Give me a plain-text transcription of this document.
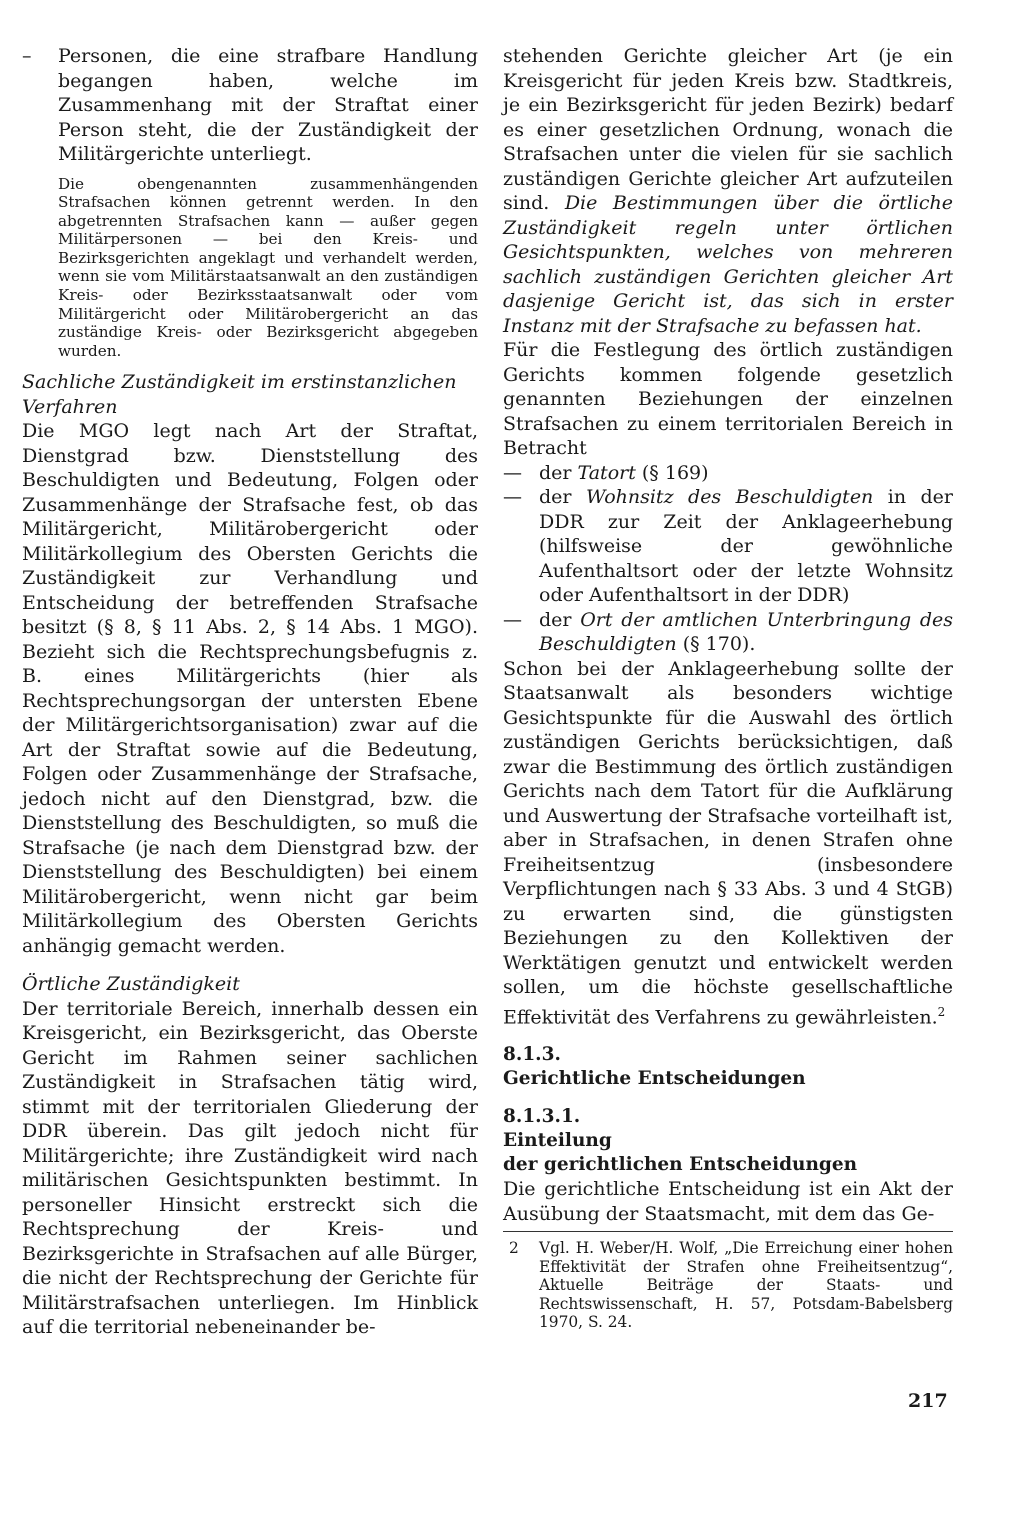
– Personen, die eine strafbare Handlung begangen haben, welche im Zusammenhang mit der Straftat einer Person steht, die der Zuständigkeit der Militärgerichte unterliegt.

Die obengenannten zusammenhängenden Strafsachen können getrennt werden. In den abgetrennten Strafsachen kann — außer gegen Militärpersonen — bei den Kreis- und Bezirksgerichten angeklagt und verhandelt werden, wenn sie vom Militärstaatsanwalt an den zuständigen Kreis- oder Bezirksstaatsanwalt oder vom Militärgericht oder Militärobergericht an das zuständige Kreis- oder Bezirksgericht abgegeben wurden.

Sachliche Zuständigkeit im erstinstanzlichen Verfahren

Die MGO legt nach Art der Straftat, Dienstgrad bzw. Dienststellung des Beschuldigten und Bedeutung, Folgen oder Zusammenhänge der Strafsache fest, ob das Militärgericht, Militärobergericht oder Militärkollegium des Obersten Gerichts die Zuständigkeit zur Verhandlung und Entscheidung der betreffenden Strafsache besitzt (§ 8, § 11 Abs. 2, § 14 Abs. 1 MGO). Bezieht sich die Rechtsprechungsbefugnis z. B. eines Militärgerichts (hier als Rechtsprechungsorgan der untersten Ebene der Militärgerichtsorganisation) zwar auf die Art der Straftat sowie auf die Bedeutung, Folgen oder Zusammenhänge der Strafsache, jedoch nicht auf den Dienstgrad, bzw. die Dienststellung des Beschuldigten, so muß die Strafsache (je nach dem Dienstgrad bzw. der Dienststellung des Beschuldigten) bei einem Militärobergericht, wenn nicht gar beim Militärkollegium des Obersten Gerichts anhängig gemacht werden.

Örtliche Zuständigkeit

Der territoriale Bereich, innerhalb dessen ein Kreisgericht, ein Bezirksgericht, das Oberste Gericht im Rahmen seiner sachlichen Zuständigkeit in Strafsachen tätig wird, stimmt mit der territorialen Gliederung der DDR überein. Das gilt jedoch nicht für Militärgerichte; ihre Zuständigkeit wird nach militärischen Gesichtspunkten bestimmt. In personeller Hinsicht erstreckt sich die Rechtsprechung der Kreis- und Bezirksgerichte in Strafsachen auf alle Bürger, die nicht der Rechtsprechung der Gerichte für Militärstrafsachen unterliegen. Im Hinblick auf die territorial nebeneinander be-

stehenden Gerichte gleicher Art (je ein Kreisgericht für jeden Kreis bzw. Stadtkreis, je ein Bezirksgericht für jeden Bezirk) bedarf es einer gesetzlichen Ordnung, wonach die Strafsachen unter die vielen für sie sachlich zuständigen Gerichte gleicher Art aufzuteilen sind. Die Bestimmungen über die örtliche Zuständigkeit regeln unter örtlichen Gesichtspunkten, welches von mehreren sachlich zuständigen Gerichten gleicher Art dasjenige Gericht ist, das sich in erster Instanz mit der Strafsache zu befassen hat.

Für die Festlegung des örtlich zuständigen Gerichts kommen folgende gesetzlich genannten Beziehungen der einzelnen Strafsachen zu einem territorialen Bereich in Betracht

— der Tatort (§ 169)

— der Wohnsitz des Beschuldigten in der DDR zur Zeit der Anklageerhebung (hilfsweise der gewöhnliche Aufenthaltsort oder der letzte Wohnsitz oder Aufenthaltsort in der DDR)

— der Ort der amtlichen Unterbringung des Beschuldigten (§ 170).

Schon bei der Anklageerhebung sollte der Staatsanwalt als besonders wichtige Gesichtspunkte für die Auswahl des örtlich zuständigen Gerichts berücksichtigen, daß zwar die Bestimmung des örtlich zuständigen Gerichts nach dem Tatort für die Aufklärung und Auswertung der Strafsache vorteilhaft ist, aber in Strafsachen, in denen Strafen ohne Freiheitsentzug (insbesondere Verpflichtungen nach § 33 Abs. 3 und 4 StGB) zu erwarten sind, die günstigsten Beziehungen zu den Kollektiven der Werktätigen genutzt und entwickelt werden sollen, um die höchste gesellschaftliche Effektivität des Verfahrens zu gewährleisten.$^2$

8.1.3.

Gerichtliche Entscheidungen

8.1.3.1.

Einteilung

der gerichtlichen Entscheidungen

Die gerichtliche Entscheidung ist ein Akt der Ausübung der Staatsmacht, mit dem das Ge-

2 Vgl. H. Weber/H. Wolf, „Die Erreichung einer hohen Effektivität der Strafen ohne Freiheitsentzug“, Aktuelle Beiträge der Staats- und Rechtswissenschaft, H. 57, Potsdam-Babelsberg 1970, S. 24.

217
